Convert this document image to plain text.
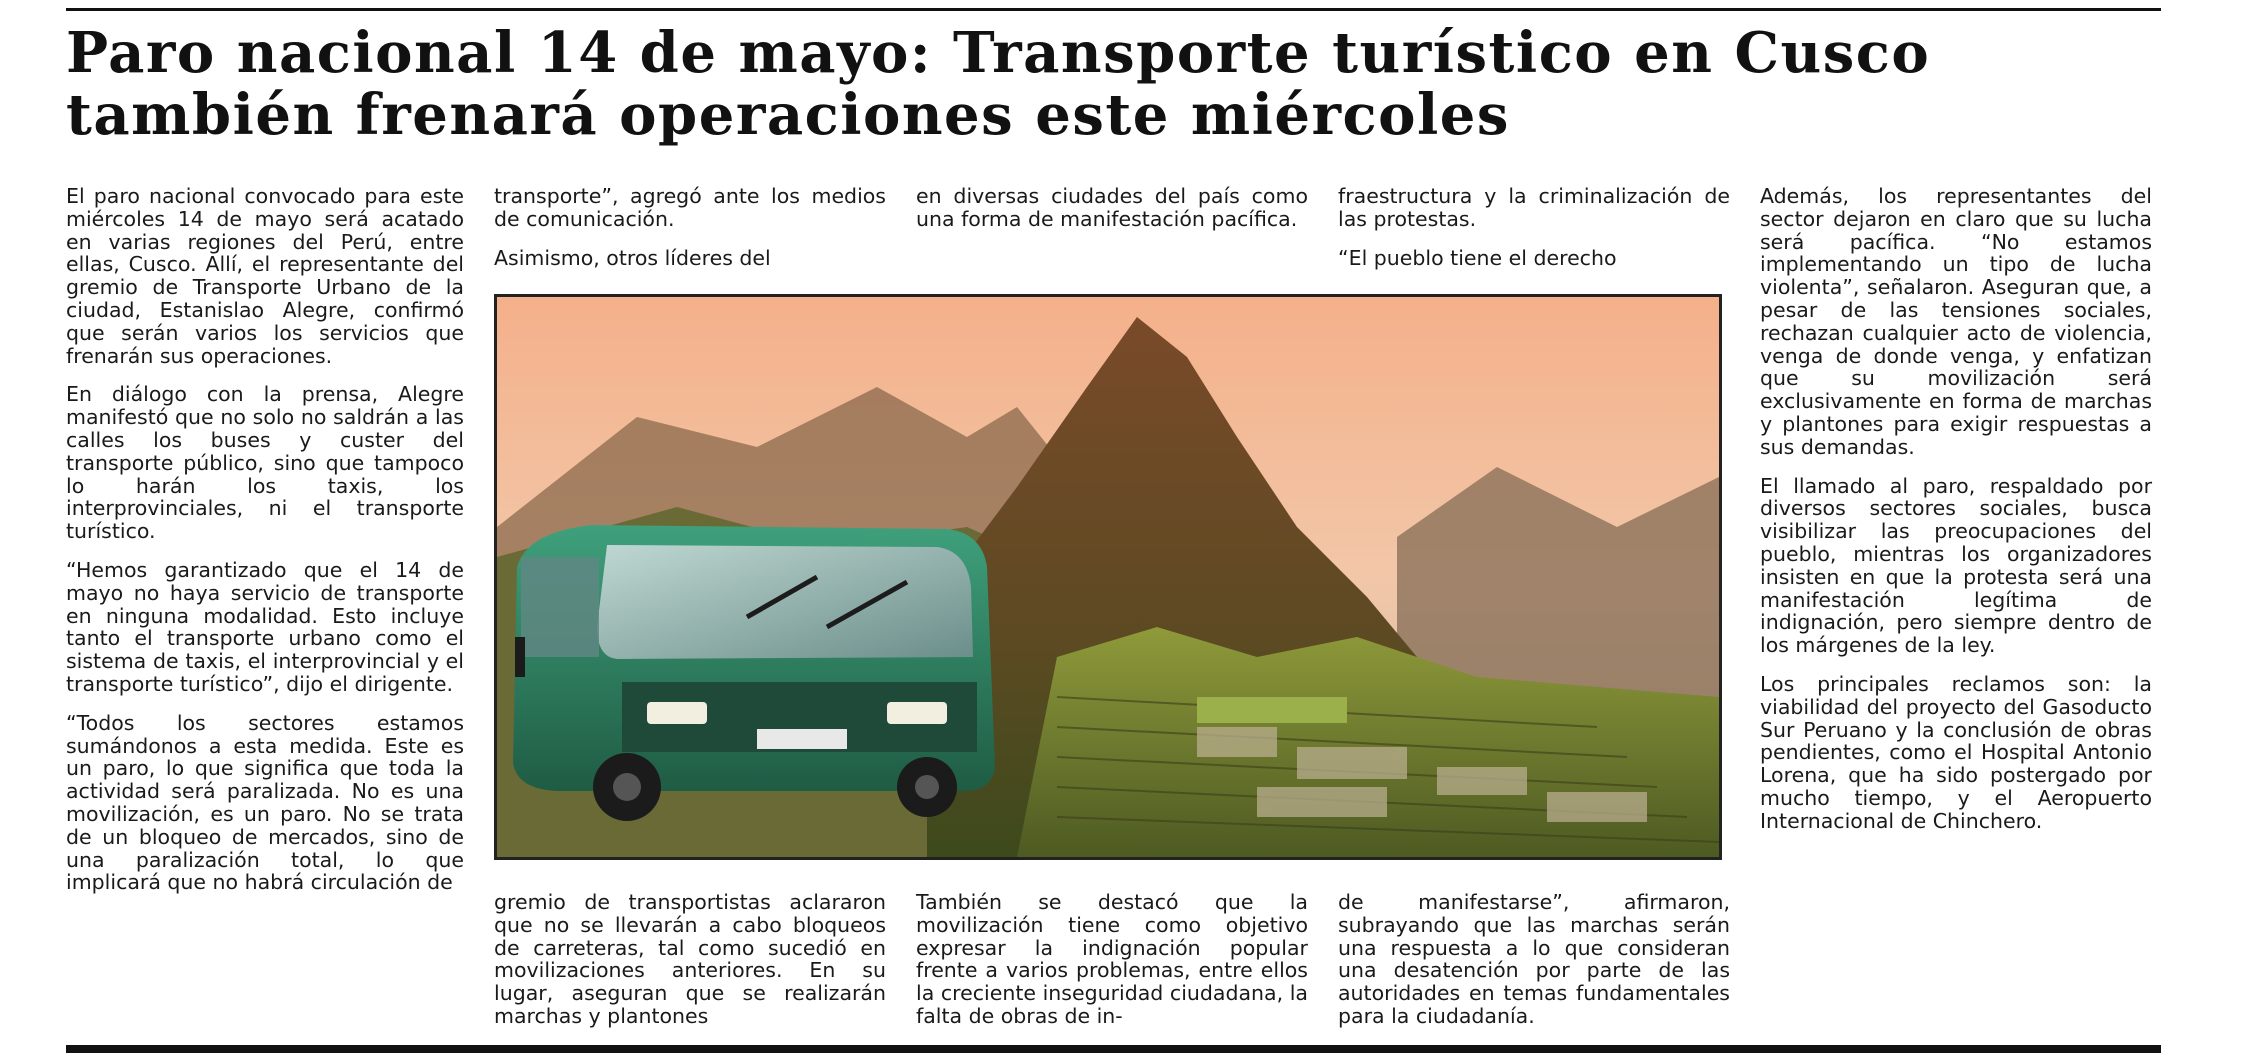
Paro nacional 14 de mayo: Transporte turístico en Cusco también frenará operaciones este miércoles

El paro nacional convocado para este miércoles 14 de mayo será acatado en varias regiones del Perú, entre ellas, Cusco. Allí, el representante del gremio de Transporte Urbano de la ciudad, Estanislao Alegre, confirmó que serán varios los servicios que frenarán sus operaciones.

En diálogo con la prensa, Alegre manifestó que no solo no saldrán a las calles los buses y custer del transporte público, sino que tampoco lo harán los taxis, los interprovinciales, ni el transporte turístico.

“Hemos garantizado que el 14 de mayo no haya servicio de transporte en ninguna modalidad. Esto incluye tanto el transporte urbano como el sistema de taxis, el interprovincial y el transporte turístico”, dijo el dirigente.

“Todos los sectores estamos sumándonos a esta medida. Este es un paro, lo que significa que toda la actividad será paralizada. No es una movilización, es un paro. No se trata de un bloqueo de mercados, sino de una paralización total, lo que implicará que no habrá circulación de

transporte”, agregó ante los medios de comunicación.

Asimismo, otros líderes del

en diversas ciudades del país como una forma de manifestación pacífica.

fraestructura y la criminalización de las protestas.

“El pueblo tiene el derecho

Además, los representantes del sector dejaron en claro que su lucha será pacífica. “No estamos implementando un tipo de lucha violenta”, señalaron. Aseguran que, a pesar de las tensiones sociales, rechazan cualquier acto de violencia, venga de donde venga, y enfatizan que su movilización será exclusivamente en forma de marchas y plantones para exigir respuestas a sus demandas.

El llamado al paro, respaldado por diversos sectores sociales, busca visibilizar las preocupaciones del pueblo, mientras los organizadores insisten en que la protesta será una manifestación legítima de indignación, pero siempre dentro de los márgenes de la ley.

Los principales reclamos son: la viabilidad del proyecto del Gasoducto Sur Peruano y la conclusión de obras pendientes, como el Hospital Antonio Lorena, que ha sido postergado por mucho tiempo, y el Aeropuerto Internacional de Chinchero.

gremio de transportistas aclararon que no se llevarán a cabo bloqueos de carreteras, tal como sucedió en movilizaciones anteriores. En su lugar, aseguran que se realizarán marchas y plantones

También se destacó que la movilización tiene como objetivo expresar la indignación popular frente a varios problemas, entre ellos la creciente inseguridad ciudadana, la falta de obras de in-

de manifestarse”, afirmaron, subrayando que las marchas serán una respuesta a lo que consideran una desatención por parte de las autoridades en temas fundamentales para la ciudadanía.
